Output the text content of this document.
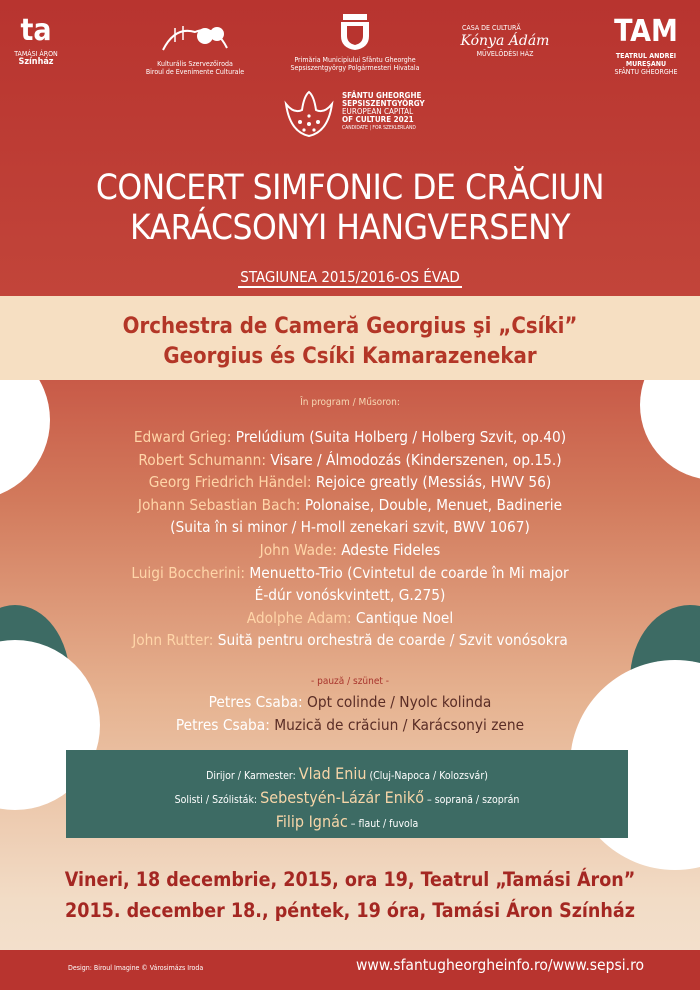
ta
TAMÁSI ÁRON
Színház	Kulturális Szervezőiroda
Biroul de Evenimente Culturale
Primăria Municipiului Sfântu Gheorghe
Sepsiszentgyörgy Polgármesteri Hivatala
CASA DE CULTURĂ
Kónya Ádám
MŰVELŐDÉSI HÁZ
TAM
TEATRUL ANDREI MUREŞANU
SFÂNTU GHEORGHE
SFÂNTU GHEORGHE
SEPSISZENTGYÖRGY
EUROPEAN CAPITAL
OF CULTURE 2021
CANDIDATE | FOR SZEKLERLAND
CONCERT SIMFONIC DE CRĂCIUN
KARÁCSONYI HANGVERSENY
STAGIUNEA 2015/2016-OS ÉVAD
Orchestra de Cameră Georgius şi „Csíki”
Georgius és Csíki Kamarazenekar
În program / Műsoron:
Edward Grieg: Prelúdium (Suita Holberg / Holberg Szvit, op.40)
Robert Schumann: Visare / Álmodozás (Kinderszenen, op.15.)
Georg Friedrich Händel: Rejoice greatly (Messiás, HWV 56)
Johann Sebastian Bach: Polonaise, Double, Menuet, Badinerie
(Suita în si minor / H-moll zenekari szvit, BWV 1067)
John Wade: Adeste Fideles
Luigi Boccherini: Menuetto-Trio (Cvintetul de coarde în Mi major
É-dúr vonóskvintett, G.275)
Adolphe Adam: Cantique Noel
John Rutter: Suită pentru orchestră de coarde / Szvit vonósokra
- pauză / szünet -
Petres Csaba: Opt colinde / Nyolc kolinda
Petres Csaba: Muzică de crăciun / Karácsonyi zene
Dirijor / Karmester: Vlad Eniu (Cluj-Napoca / Kolozsvár)
Solisti / Szólisták: Sebestyén-Lázár Enikő – soprană / szoprán
Filip Ignác – flaut / fuvola
Vineri, 18 decembrie, 2015, ora 19, Teatrul „Tamási Áron”
2015. december 18., péntek, 19 óra, Tamási Áron Színház
Design: Biroul Imagine © Városimázs Iroda	www.sfantugheorgheinfo.ro/www.sepsi.ro
